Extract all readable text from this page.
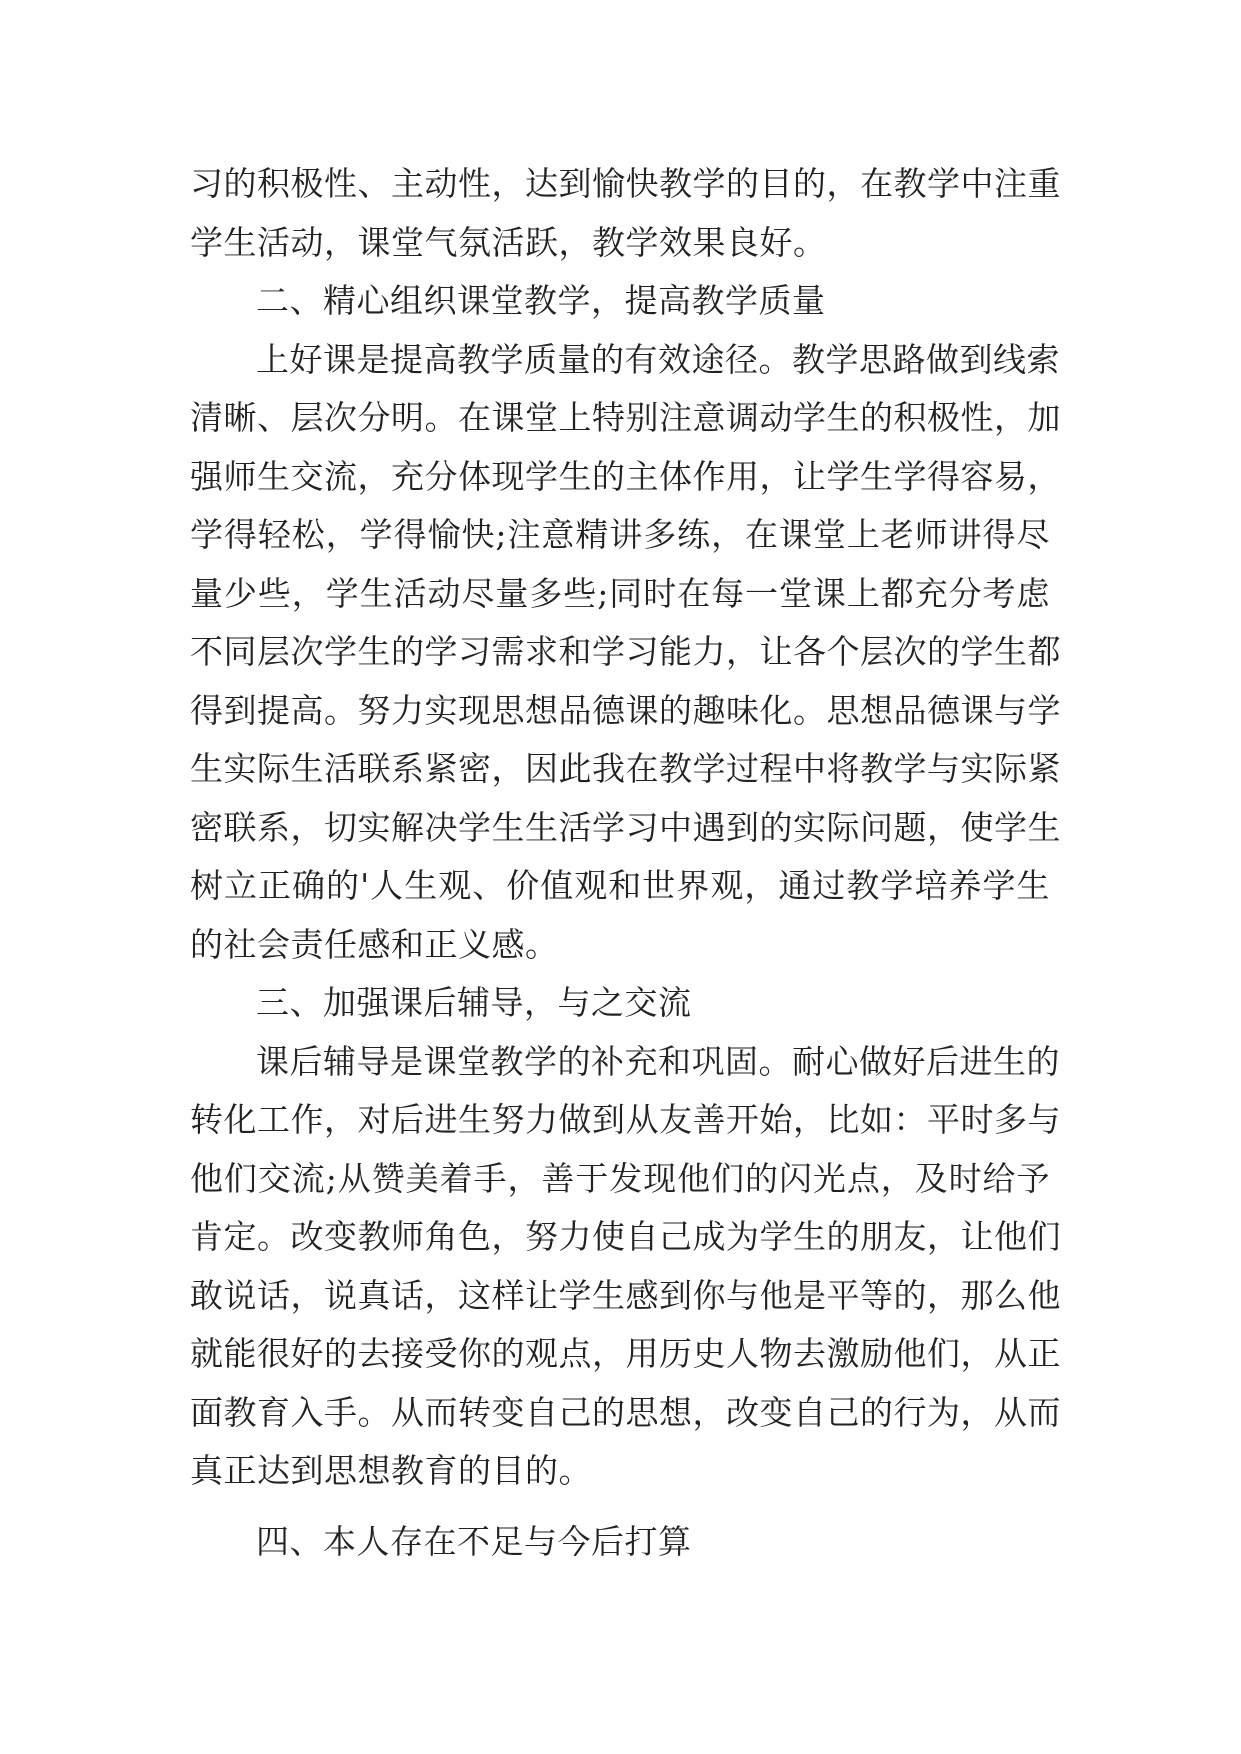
习的积极性、主动性，达到愉快教学的目的，在教学中注重
学生活动，课堂气氛活跃，教学效果良好。
二、精心组织课堂教学，提高教学质量
上好课是提高教学质量的有效途径。教学思路做到线索
清晰、层次分明。在课堂上特别注意调动学生的积极性，加
强师生交流，充分体现学生的主体作用，让学生学得容易，
学得轻松，学得愉快;注意精讲多练，在课堂上老师讲得尽
量少些，学生活动尽量多些;同时在每一堂课上都充分考虑
不同层次学生的学习需求和学习能力，让各个层次的学生都
得到提高。努力实现思想品德课的趣味化。思想品德课与学
生实际生活联系紧密，因此我在教学过程中将教学与实际紧
密联系，切实解决学生生活学习中遇到的实际问题，使学生
树立正确的'人生观、价值观和世界观，通过教学培养学生
的社会责任感和正义感。
三、加强课后辅导，与之交流
课后辅导是课堂教学的补充和巩固。耐心做好后进生的
转化工作，对后进生努力做到从友善开始，比如：平时多与
他们交流;从赞美着手，善于发现他们的闪光点，及时给予
肯定。改变教师角色，努力使自己成为学生的朋友，让他们
敢说话，说真话，这样让学生感到你与他是平等的，那么他
就能很好的去接受你的观点，用历史人物去激励他们，从正
面教育入手。从而转变自己的思想，改变自己的行为，从而
真正达到思想教育的目的。
四、本人存在不足与今后打算
